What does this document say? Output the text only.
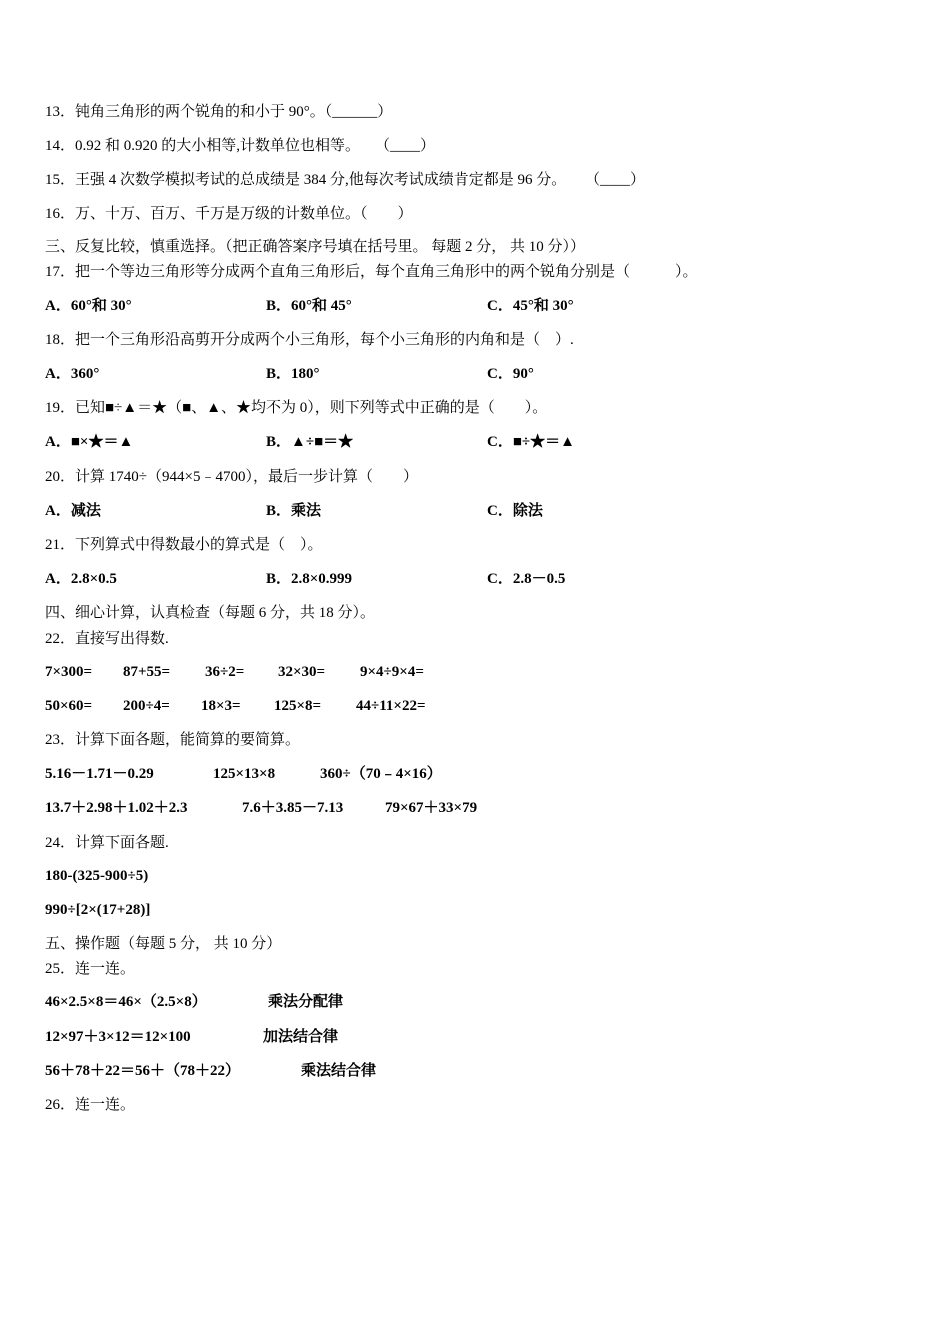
13．钝角三角形的两个锐角的和小于 90°。（______）
14．0.92 和 0.920 的大小相等,计数单位也相等。    （____）
15．王强 4 次数学模拟考试的总成绩是 384 分,他每次考试成绩肯定都是 96 分。     （____）
16．万、十万、百万、千万是万级的计数单位。（　　）
三、反复比较，慎重选择。（把正确答案序号填在括号里。 每题 2 分， 共 10 分））
17．把一个等边三角形等分成两个直角三角形后，每个直角三角形中的两个锐角分别是（　　　）。
A．60°和 30°	B．60°和 45°	C．45°和 30°
18．把一个三角形沿高剪开分成两个小三角形，每个小三角形的内角和是（　）.
A．360°	B．180°	C．90°
19．已知■÷▲＝★（■、▲、★均不为 0），则下列等式中正确的是（　　）。
A．■×★＝▲	B．▲÷■＝★	C．■÷★＝▲
20．计算 1740÷（944×5﹣4700），最后一步计算（　　）
A．减法	B．乘法	C．除法
21．下列算式中得数最小的算式是（　）。
A．2.8×0.5	B．2.8×0.999	C．2.8－0.5
四、细心计算，认真检查（每题 6 分，共 18 分）。
22．直接写出得数.
7×300= 87+55= 36÷2= 32×30= 9×4÷9×4=
50×60= 200÷4= 18×3= 125×8= 44÷11×22=
23．计算下面各题，能简算的要简算。
5.16－1.71－0.29	125×13×8	360÷（70﹣4×16）
13.7＋2.98＋1.02＋2.3	7.6＋3.85－7.13	79×67＋33×79
24．计算下面各题.
180-(325-900÷5)
990÷[2×(17+28)]
五、操作题（每题 5 分， 共 10 分）
25．连一连。
46×2.5×8＝46×（2.5×8）	乘法分配律
12×97＋3×12＝12×100	加法结合律
56＋78＋22＝56＋（78＋22）	乘法结合律
26．连一连。
